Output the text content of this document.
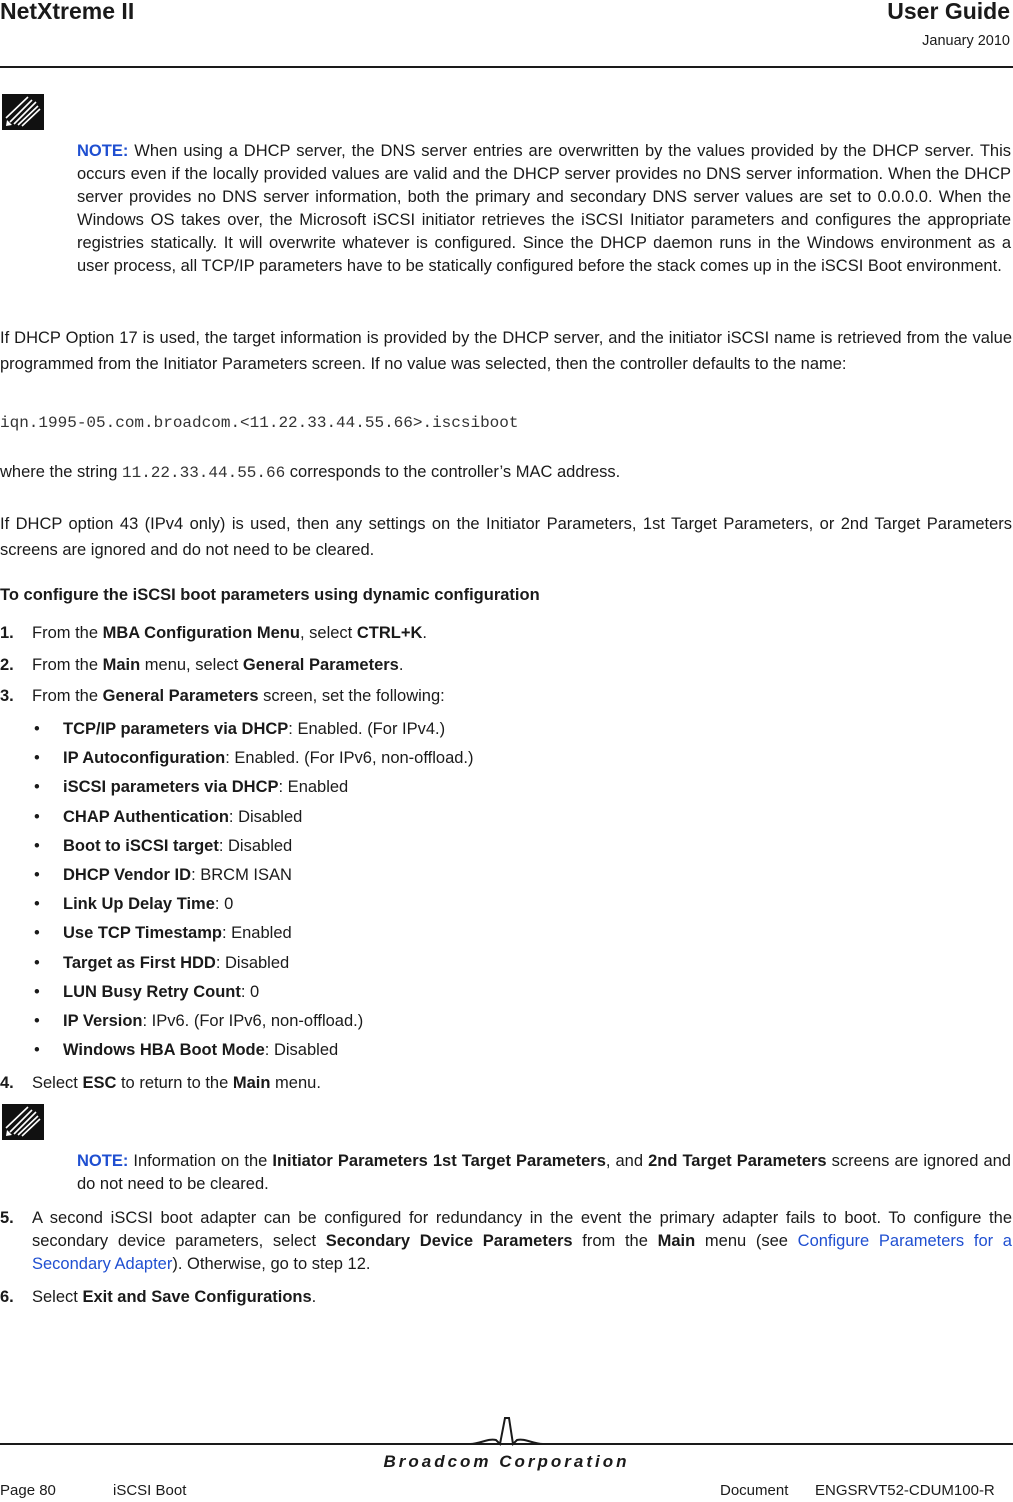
NetXtreme II	User Guide
January 2010
NOTE: When using a DHCP server, the DNS server entries are overwritten by the values provided by the DHCP server. This occurs even if the locally provided values are valid and the DHCP server provides no DNS server information. When the DHCP server provides no DNS server information, both the primary and secondary DNS server values are set to 0.0.0.0. When the Windows OS takes over, the Microsoft iSCSI initiator retrieves the iSCSI Initiator parameters and configures the appropriate registries statically. It will overwrite whatever is configured. Since the DHCP daemon runs in the Windows environment as a user process, all TCP/IP parameters have to be statically configured before the stack comes up in the iSCSI Boot environment.
If DHCP Option 17 is used, the target information is provided by the DHCP server, and the initiator iSCSI name is retrieved from the value programmed from the Initiator Parameters screen. If no value was selected, then the controller defaults to the name:
iqn.1995-05.com.broadcom.<11.22.33.44.55.66>.iscsiboot
where the string 11.22.33.44.55.66 corresponds to the controller’s MAC address.
If DHCP option 43 (IPv4 only) is used, then any settings on the Initiator Parameters, 1st Target Parameters, or 2nd Target Parameters screens are ignored and do not need to be cleared.
To configure the iSCSI boot parameters using dynamic configuration
1. From the MBA Configuration Menu, select CTRL+K.
2. From the Main menu, select General Parameters.
3. From the General Parameters screen, set the following:
• TCP/IP parameters via DHCP: Enabled. (For IPv4.)
• IP Autoconfiguration: Enabled. (For IPv6, non-offload.)
• iSCSI parameters via DHCP: Enabled
• CHAP Authentication: Disabled
• Boot to iSCSI target: Disabled
• DHCP Vendor ID: BRCM ISAN
• Link Up Delay Time: 0
• Use TCP Timestamp: Enabled
• Target as First HDD: Disabled
• LUN Busy Retry Count: 0
• IP Version: IPv6. (For IPv6, non-offload.)
• Windows HBA Boot Mode: Disabled
4. Select ESC to return to the Main menu.
NOTE: Information on the Initiator Parameters 1st Target Parameters, and 2nd Target Parameters screens are ignored and do not need to be cleared.
5. A second iSCSI boot adapter can be configured for redundancy in the event the primary adapter fails to boot. To configure the secondary device parameters, select Secondary Device Parameters from the Main menu (see Configure Parameters for a Secondary Adapter). Otherwise, go to step 12.
6. Select Exit and Save Configurations.
Broadcom Corporation
Page 80	iSCSI Boot	Document ENGSRVT52-CDUM100-R
